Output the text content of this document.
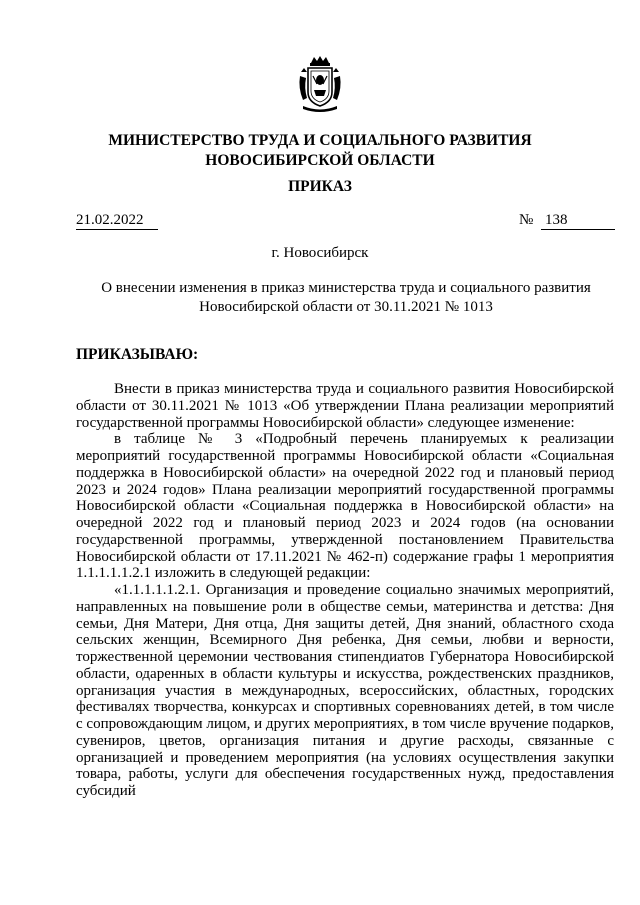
МИНИСТЕРСТВО ТРУДА И СОЦИАЛЬНОГО РАЗВИТИЯ
НОВОСИБИРСКОЙ ОБЛАСТИ
ПРИКАЗ
21.02.2022	№ 138
г. Новосибирск
О внесении изменения в приказ министерства труда и социального развития
Новосибирской области от 30.11.2021 № 1013
ПРИКАЗЫВАЮ:

Внести в приказ министерства труда и социального развития Новосибирской области от 30.11.2021 № 1013 «Об утверждении Плана реализации мероприятий государственной программы Новосибирской области» следующее изменение:

в таблице № 3 «Подробный перечень планируемых к реализации мероприятий государственной программы Новосибирской области «Социальная поддержка в Новосибирской области» на очередной 2022 год и плановый период 2023 и 2024 годов» Плана реализации мероприятий государственной программы Новосибирской области «Социальная поддержка в Новосибирской области» на очередной 2022 год и плановый период 2023 и 2024 годов (на основании государственной программы, утвержденной постановлением Правительства Новосибирской области от 17.11.2021 № 462-п) содержание графы 1 мероприятия 1.1.1.1.1.2.1 изложить в следующей редакции:

«1.1.1.1.1.2.1. Организация и проведение социально значимых мероприятий, направленных на повышение роли в обществе семьи, материнства и детства: Дня семьи, Дня Матери, Дня отца, Дня защиты детей, Дня знаний, областного схода сельских женщин, Всемирного Дня ребенка, Дня семьи, любви и верности, торжественной церемонии чествования стипендиатов Губернатора Новосибирской области, одаренных в области культуры и искусства, рождественских праздников, организация участия в международных, всероссийских, областных, городских фестивалях творчества, конкурсах и спортивных соревнованиях детей, в том числе с сопровождающим лицом, и других мероприятиях, в том числе вручение подарков, сувениров, цветов, организация питания и другие расходы, связанные с организацией и проведением мероприятия (на условиях осуществления закупки товара, работы, услуги для обеспечения государственных нужд, предоставления субсидий
